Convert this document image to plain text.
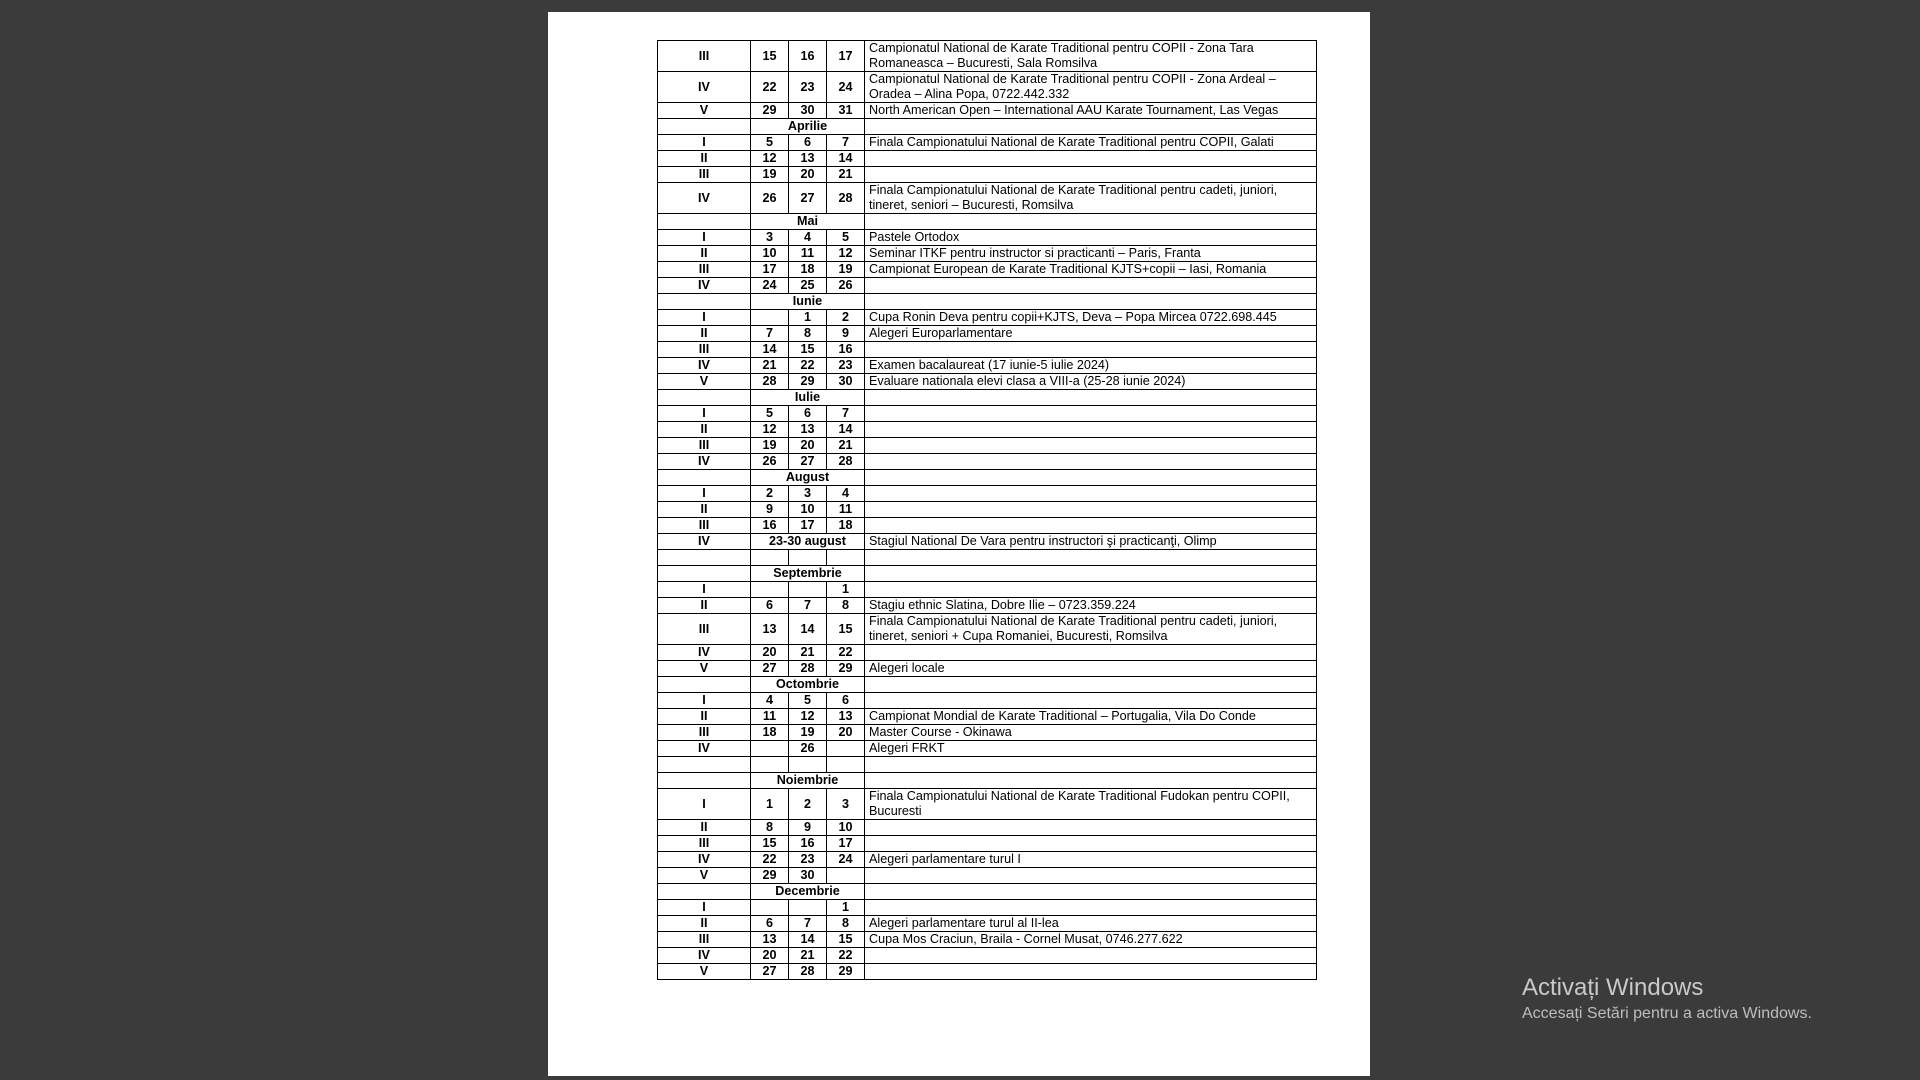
III	15	16	17	Campionatul National de Karate Traditional pentru COPII - Zona Tara Romaneasca – Bucuresti, Sala Romsilva
IV	22	23	24	Campionatul National de Karate Traditional pentru COPII - Zona Ardeal – Oradea – Alina Popa, 0722.442.332
V	29	30	31	North American Open – International AAU Karate Tournament, Las Vegas
	Aprilie			
I	5	6	7	Finala Campionatului National de Karate Traditional pentru COPII, Galati
II	12	13	14	
III	19	20	21	
IV	26	27	28	Finala Campionatului National de Karate Traditional pentru cadeti, juniori, tineret, seniori – Bucuresti, Romsilva
	Mai			
I	3	4	5	Pastele Ortodox
II	10	11	12	Seminar ITKF pentru instructor si practicanti – Paris, Franta
III	17	18	19	Campionat European de Karate Traditional KJTS+copii – Iasi, Romania
IV	24	25	26	
	Iunie			
I		1	2	Cupa Ronin Deva pentru copii+KJTS, Deva – Popa Mircea 0722.698.445
II	7	8	9	Alegeri Europarlamentare
III	14	15	16	
IV	21	22	23	Examen bacalaureat (17 iunie-5 iulie 2024)
V	28	29	30	Evaluare nationala elevi clasa a VIII-a (25-28 iunie 2024)
	Iulie			
I	5	6	7	
II	12	13	14	
III	19	20	21	
IV	26	27	28	
	August			
I	2	3	4	
II	9	10	11	
III	16	17	18	
IV	23-30 august			Stagiul National De Vara pentru instructori şi practicanţi, Olimp

	Septembrie			
I			1	
II	6	7	8	Stagiu ethnic Slatina, Dobre Ilie – 0723.359.224
III	13	14	15	Finala Campionatului National de Karate Traditional pentru cadeti, juniori, tineret, seniori + Cupa Romaniei, Bucuresti, Romsilva
IV	20	21	22	
V	27	28	29	Alegeri locale
	Octombrie			
I	4	5	6	
II	11	12	13	Campionat Mondial de Karate Traditional – Portugalia, Vila Do Conde
III	18	19	20	Master Course - Okinawa
IV		26		Alegeri FRKT

	Noiembrie			
I	1	2	3	Finala Campionatului National de Karate Traditional Fudokan pentru COPII, Bucuresti
II	8	9	10	
III	15	16	17	
IV	22	23	24	Alegeri parlamentare turul I
V	29	30		
	Decembrie			
I			1	
II	6	7	8	Alegeri parlamentare turul al II-lea
III	13	14	15	Cupa Mos Craciun, Braila - Cornel Musat, 0746.277.622
IV	20	21	22	
V	27	28	29	
Activați Windows
Accesați Setări pentru a activa Windows.
